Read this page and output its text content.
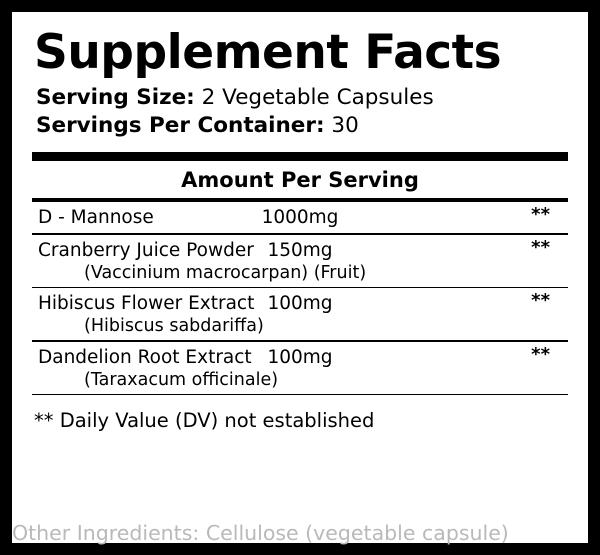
Supplement Facts
Serving Size: 2 Vegetable Capsules
Servings Per Container: 30
Amount Per Serving
D - Mannose	1000mg	**
Cranberry Juice Powder 150mg	**
(Vaccinium macrocarpan) (Fruit)
Hibiscus Flower Extract 100mg	**
(Hibiscus sabdariffa)
Dandelion Root Extract 100mg	**
(Taraxacum officinale)
** Daily Value (DV) not established
Other Ingredients: Cellulose (vegetable capsule)
